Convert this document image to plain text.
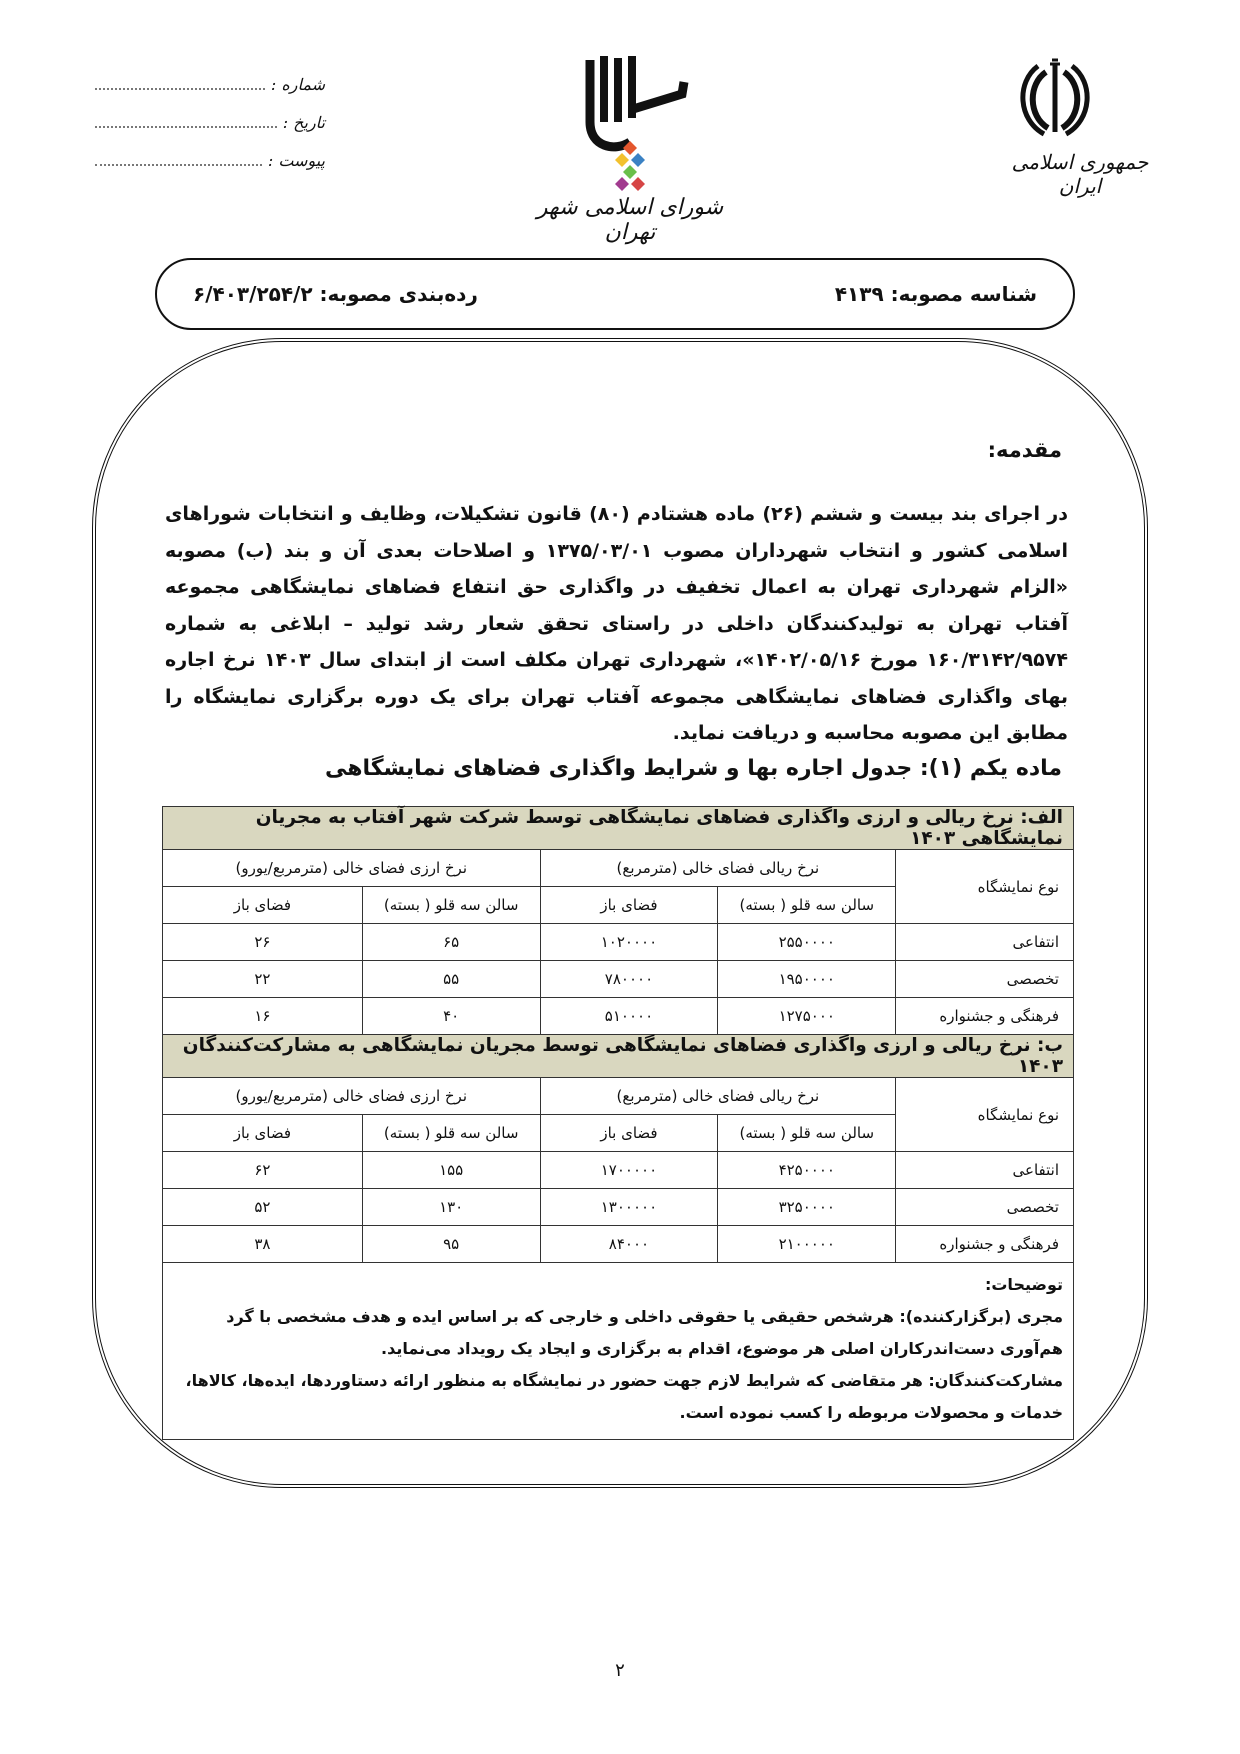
جمهوری اسلامی ایران
شورای اسلامی شهر تهران
شماره :
تاریخ :
پیوست :
شناسه مصوبه: ۴۱۳۹
رده‌بندی مصوبه: ۶/۴۰۳/۲۵۴/۲
مقدمه:
در اجرای بند بیست و ششم (۲۶) ماده هشتادم (۸۰) قانون تشکیلات، وظایف و انتخابات شوراهای اسلامی کشور و انتخاب شهرداران مصوب ۱۳۷۵/۰۳/۰۱ و اصلاحات بعدی آن و بند (ب) مصوبه «الزام شهرداری تهران به اعمال تخفیف در واگذاری حق انتفاع فضاهای نمایشگاهی مجموعه آفتاب تهران به تولیدکنندگان داخلی در راستای تحقق شعار رشد تولید – ابلاغی به شماره ۱۶۰/۳۱۴۲/۹۵۷۴ مورخ ۱۴۰۲/۰۵/۱۶»، شهرداری تهران مکلف است از ابتدای سال ۱۴۰۳ نرخ اجاره بهای واگذاری فضاهای نمایشگاهی مجموعه آفتاب تهران برای یک دوره برگزاری نمایشگاه را مطابق این مصوبه محاسبه و دریافت نماید.
ماده یکم (۱): جدول اجاره بها و شرایط واگذاری فضاهای نمایشگاهی
الف: نرخ ریالی و ارزی واگذاری فضاهای نمایشگاهی توسط شرکت شهر آفتاب به مجریان نمایشگاهی ۱۴۰۳				
نوع نمایشگاه	نرخ ریالی فضای خالی (مترمربع)		نرخ ارزی فضای خالی (مترمربع/یورو)	
	سالن سه قلو ( بسته)	فضای باز	سالن سه قلو ( بسته)	فضای باز
انتفاعی	۲۵۵۰۰۰۰	۱۰۲۰۰۰۰	۶۵	۲۶
تخصصی	۱۹۵۰۰۰۰	۷۸۰۰۰۰	۵۵	۲۲
فرهنگی و جشنواره	۱۲۷۵۰۰۰	۵۱۰۰۰۰	۴۰	۱۶
ب: نرخ ریالی و ارزی واگذاری فضاهای نمایشگاهی توسط مجریان نمایشگاهی به مشارکت‌کنندگان ۱۴۰۳				
نوع نمایشگاه	نرخ ریالی فضای خالی (مترمربع)		نرخ ارزی فضای خالی (مترمربع/یورو)	
	سالن سه قلو ( بسته)	فضای باز	سالن سه قلو ( بسته)	فضای باز
انتفاعی	۴۲۵۰۰۰۰	۱۷۰۰۰۰۰	۱۵۵	۶۲
تخصصی	۳۲۵۰۰۰۰	۱۳۰۰۰۰۰	۱۳۰	۵۲
فرهنگی و جشنواره	۲۱۰۰۰۰۰	۸۴۰۰۰	۹۵	۳۸

توضیحات:
مجری (برگزارکننده): هرشخص حقیقی یا حقوقی داخلی و خارجی که بر اساس ایده و هدف مشخصی با گرد هم‌آوری دست‌اندرکاران اصلی هر موضوع، اقدام به برگزاری و ایجاد یک رویداد می‌نماید.
مشارکت‌کنندگان: هر متقاضی که شرایط لازم جهت حضور در نمایشگاه به منظور ارائه دستاوردها، ایده‌ها، کالاها، خدمات و محصولات مربوطه را کسب نموده است.				
۲
